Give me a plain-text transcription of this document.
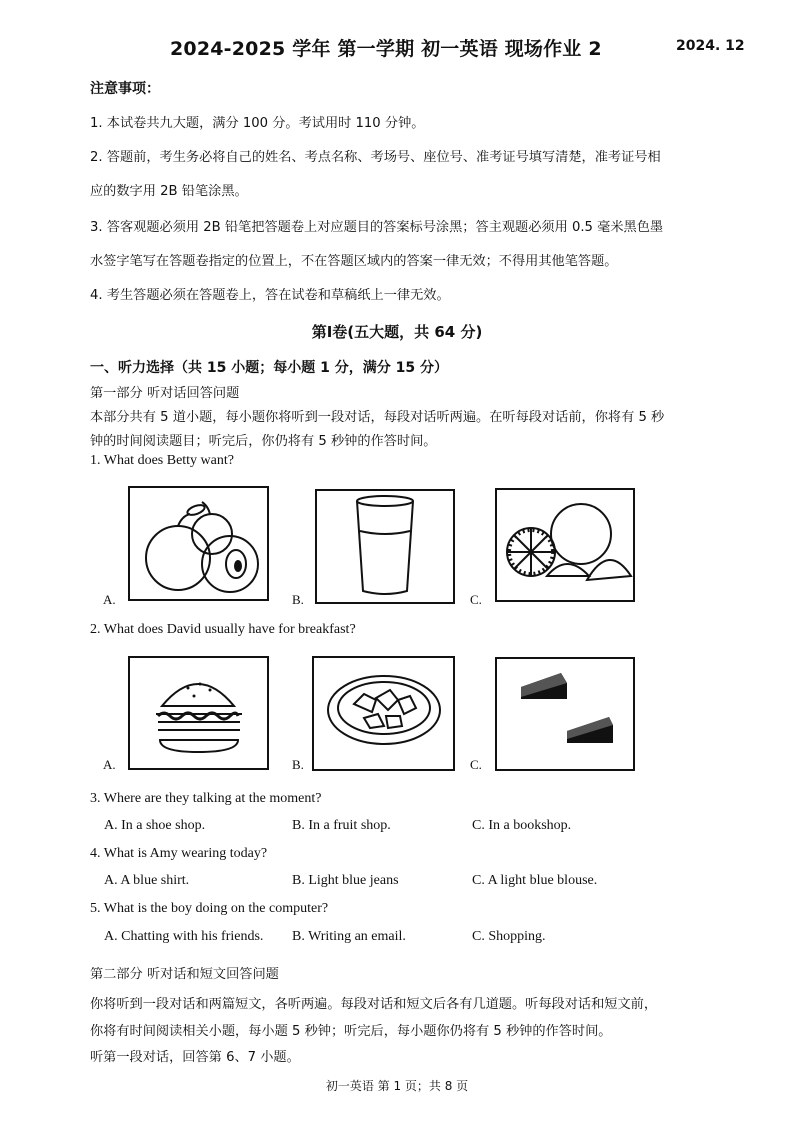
2024-2025 学年 第一学期 初一英语 现场作业 2	2024. 12
注意事项：
1. 本试卷共九大题，满分 100 分。考试用时 110 分钟。
2. 答题前，考生务必将自己的姓名、考点名称、考场号、座位号、准考证号填写清楚，准考证号相
应的数字用 2B 铅笔涂黑。
3. 答客观题必须用 2B 铅笔把答题卷上对应题目的答案标号涂黑；答主观题必须用 0.5 毫米黑色墨
水签字笔写在答题卷指定的位置上，不在答题区域内的答案一律无效；不得用其他笔答题。
4. 考生答题必须在答题卷上，答在试卷和草稿纸上一律无效。
第Ⅰ卷(五大题，共 64 分)
一、听力选择（共 15 小题；每小题 1 分，满分 15 分）
第一部分 听对话回答问题
本部分共有 5 道小题，每小题你将听到一段对话，每段对话听两遍。在听每段对话前，你将有 5 秒
钟的时间阅读题目；听完后，你仍将有 5 秒钟的作答时间。
1. What does Betty want?
A.	B.	C.
2. What does David usually have for breakfast?
A.	B.	C.
3. Where are they talking at the moment?
A. In a shoe shop.	B. In a fruit shop.	C. In a bookshop.
4. What is Amy wearing today?
A. A blue shirt.	B. Light blue jeans	C. A light blue blouse.
5. What is the boy doing on the computer?
A. Chatting with his friends. B. Writing an email.	C. Shopping.
第二部分 听对话和短文回答问题
你将听到一段对话和两篇短文，各听两遍。每段对话和短文后各有几道题。听每段对话和短文前，
你将有时间阅读相关小题，每小题 5 秒钟；听完后，每小题你仍将有 5 秒钟的作答时间。
听第一段对话，回答第 6、7 小题。
初一英语 第 1 页；共 8 页
